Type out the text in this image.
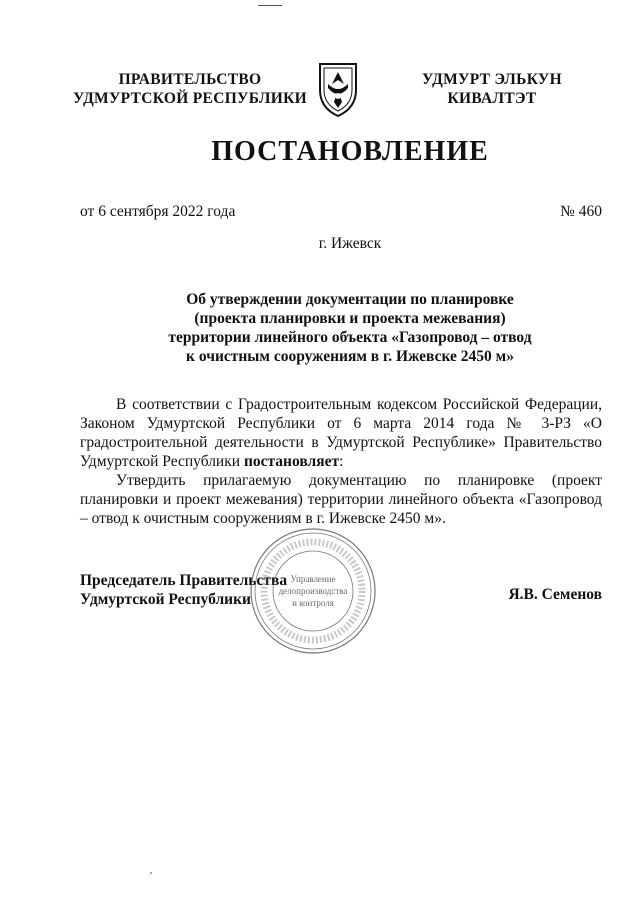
ПРАВИТЕЛЬСТВО
УДМУРТСКОЙ РЕСПУБЛИКИ
УДМУРТ ЭЛЬКУН
КИВАЛТЭТ
ПОСТАНОВЛЕНИЕ
от 6 сентября 2022 года	№ 460
г. Ижевск
Об утверждении документации по планировке
(проекта планировки и проекта межевания)
территории линейного объекта «Газопровод – отвод
к очистным сооружениям в г. Ижевске 2450 м»

В соответствии с Градостроительным кодексом Российской Федерации, Законом Удмуртской Республики от 6 марта 2014 года № 3-РЗ «О градостроительной деятельности в Удмуртской Республике» Правительство Удмуртской Республики постановляет:

Утвердить прилагаемую документацию по планировке (проект планировки и проект межевания) территории линейного объекта «Газопровод – отвод к очистным сооружениям в г. Ижевске 2450 м».

Председатель Правительства
Удмуртской Республики	Я.В. Семенов
Управление
делопроизводства
и контроля
